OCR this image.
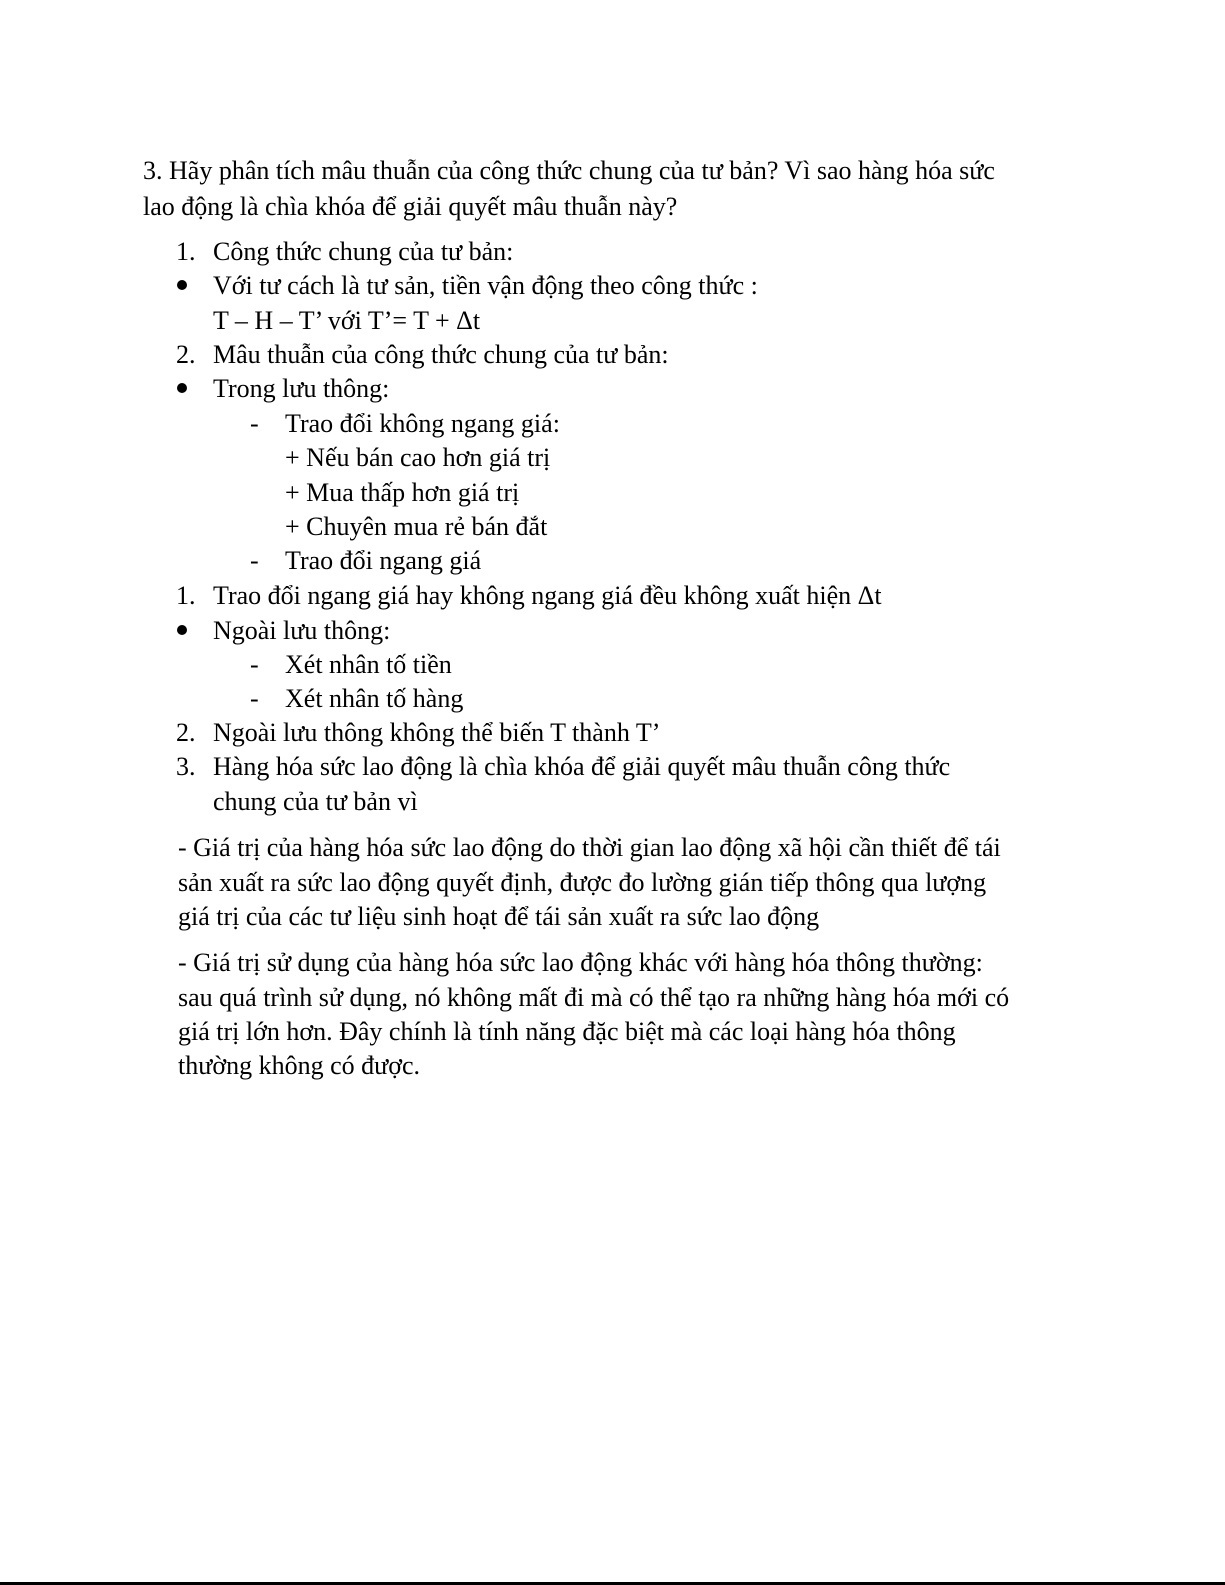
3. Hãy phân tích mâu thuẫn của công thức chung của tư bản? Vì sao hàng hóa sức
lao động là chìa khóa để giải quyết mâu thuẫn này?
1. Công thức chung của tư bản:
Với tư cách là tư sản, tiền vận động theo công thức :
T – H – T’ với T’= T + Δt
2. Mâu thuẫn của công thức chung của tư bản:
Trong lưu thông:
- Trao đổi không ngang giá:
+ Nếu bán cao hơn giá trị
+ Mua thấp hơn giá trị
+ Chuyên mua rẻ bán đắt
- Trao đổi ngang giá
1. Trao đổi ngang giá hay không ngang giá đều không xuất hiện Δt
Ngoài lưu thông:
- Xét nhân tố tiền
- Xét nhân tố hàng
2. Ngoài lưu thông không thể biến T thành T’
3. Hàng hóa sức lao động là chìa khóa để giải quyết mâu thuẫn công thức
chung của tư bản vì
- Giá trị của hàng hóa sức lao động do thời gian lao động xã hội cần thiết để tái
sản xuất ra sức lao động quyết định, được đo lường gián tiếp thông qua lượng
giá trị của các tư liệu sinh hoạt để tái sản xuất ra sức lao động
- Giá trị sử dụng của hàng hóa sức lao động khác với hàng hóa thông thường:
sau quá trình sử dụng, nó không mất đi mà có thể tạo ra những hàng hóa mới có
giá trị lớn hơn. Đây chính là tính năng đặc biệt mà các loại hàng hóa thông
thường không có được.
